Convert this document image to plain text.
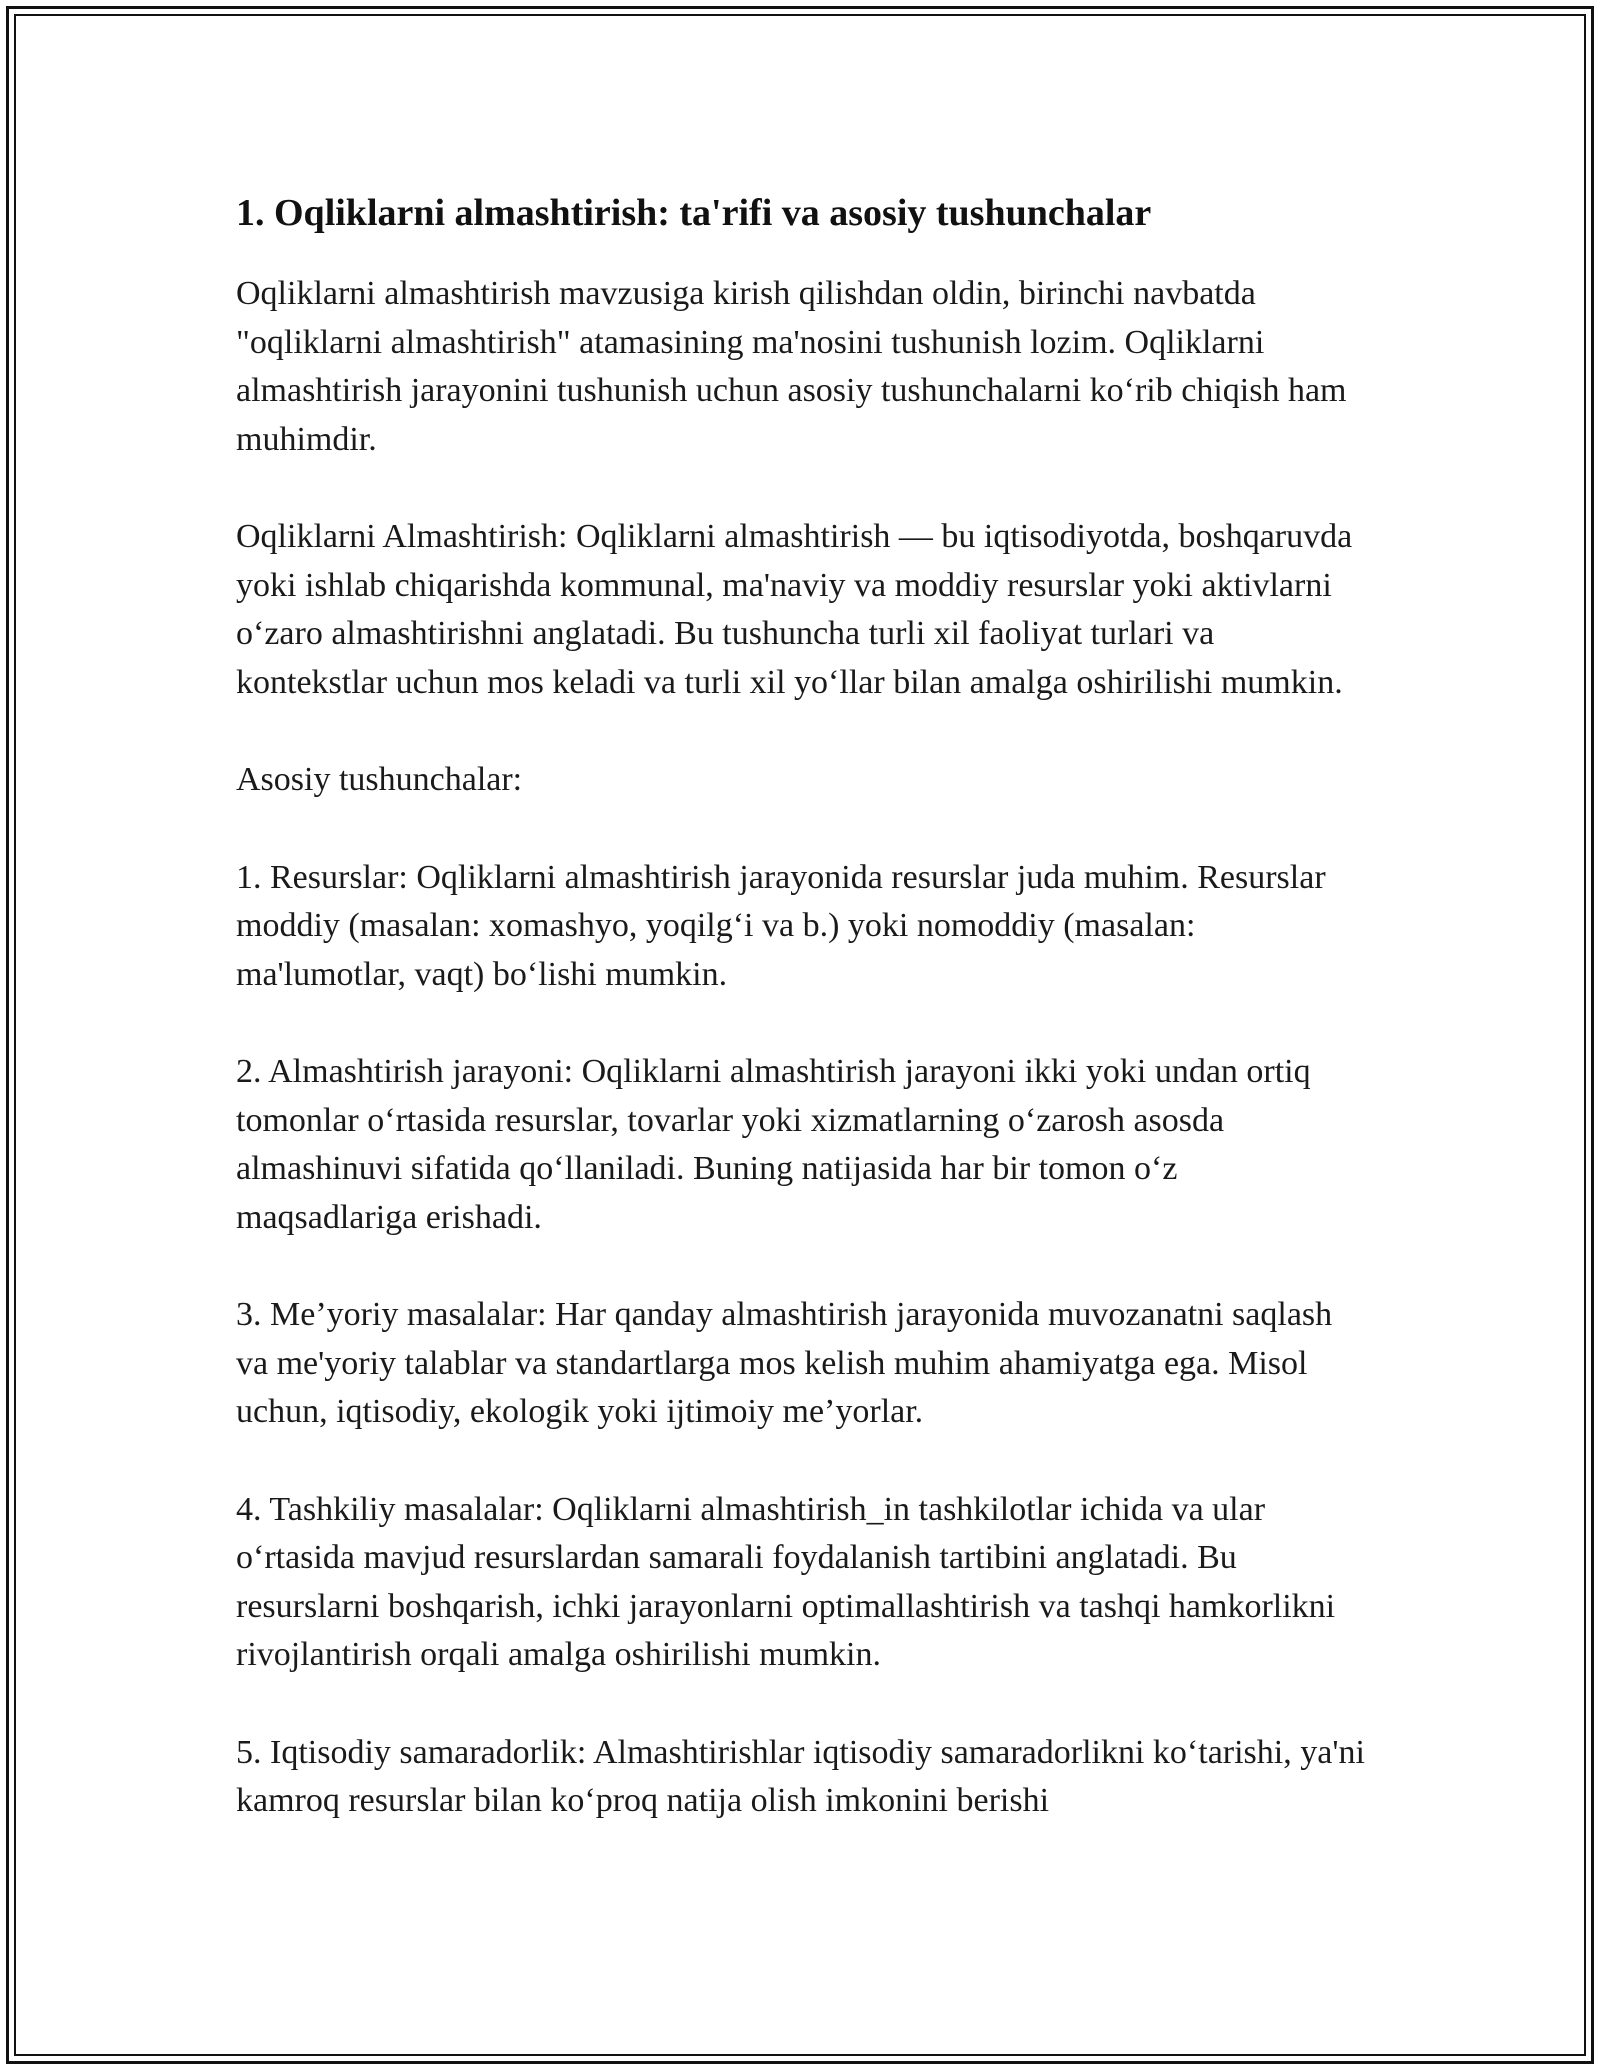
1. Oqliklarni almashtirish: ta'rifi va asosiy tushunchalar

Oqliklarni almashtirish mavzusiga kirish qilishdan oldin, birinchi navbatda "oqliklarni almashtirish" atamasining ma'nosini tushunish lozim. Oqliklarni almashtirish jarayonini tushunish uchun asosiy tushunchalarni ko‘rib chiqish ham muhimdir.

Oqliklarni Almashtirish: Oqliklarni almashtirish — bu iqtisodiyotda, boshqaruvda yoki ishlab chiqarishda kommunal, ma'naviy va moddiy resurslar yoki aktivlarni o‘zaro almashtirishni anglatadi. Bu tushuncha turli xil faoliyat turlari va kontekstlar uchun mos keladi va turli xil yo‘llar bilan amalga oshirilishi mumkin.

Asosiy tushunchalar:

1. Resurslar: Oqliklarni almashtirish jarayonida resurslar juda muhim. Resurslar moddiy (masalan: xomashyo, yoqilg‘i va b.) yoki nomoddiy (masalan: ma'lumotlar, vaqt) bo‘lishi mumkin.

2. Almashtirish jarayoni: Oqliklarni almashtirish jarayoni ikki yoki undan ortiq tomonlar o‘rtasida resurslar, tovarlar yoki xizmatlarning o‘zarosh asosda almashinuvi sifatida qo‘llaniladi. Buning natijasida har bir tomon o‘z maqsadlariga erishadi.

3. Me’yoriy masalalar: Har qanday almashtirish jarayonida muvozanatni saqlash va me'yoriy talablar va standartlarga mos kelish muhim ahamiyatga ega. Misol uchun, iqtisodiy, ekologik yoki ijtimoiy me’yorlar.

4. Tashkiliy masalalar: Oqliklarni almashtirish_in tashkilotlar ichida va ular o‘rtasida mavjud resurslardan samarali foydalanish tartibini anglatadi. Bu resurslarni boshqarish, ichki jarayonlarni optimallashtirish va tashqi hamkorlikni rivojlantirish orqali amalga oshirilishi mumkin.

5. Iqtisodiy samaradorlik: Almashtirishlar iqtisodiy samaradorlikni ko‘tarishi, ya'ni kamroq resurslar bilan ko‘proq natija olish imkonini berishi
